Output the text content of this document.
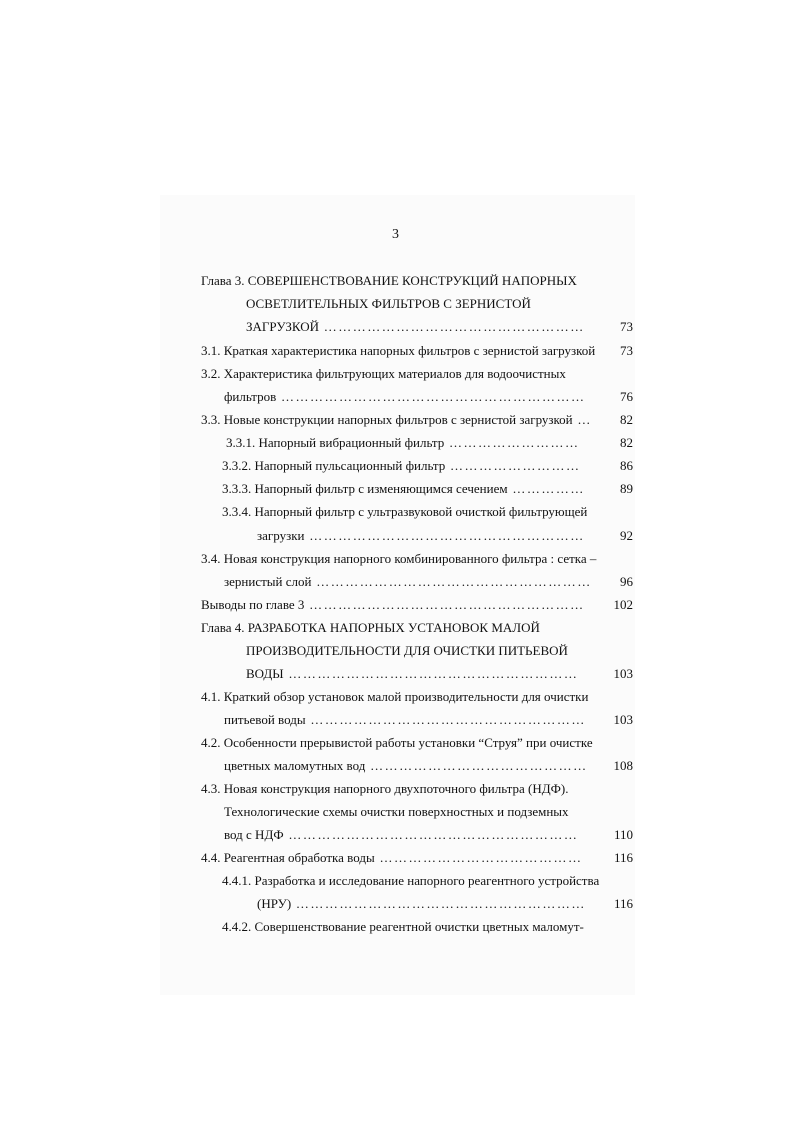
3
Глава 3. СОВЕРШЕНСТВОВАНИЕ КОНСТРУКЦИЙ НАПОРНЫХ
ОСВЕТЛИТЕЛЬНЫХ ФИЛЬТРОВ С ЗЕРНИСТОЙ
ЗАГРУЗКОЙ ………………………………………………	73
3.1. Краткая характеристика напорных фильтров с зернистой загрузкой	73
3.2. Характеристика фильтрующих материалов для водоочистных
фильтров ………………………………………………………	76
3.3. Новые конструкции напорных фильтров с зернистой загрузкой …	82
3.3.1. Напорный вибрационный фильтр ………………………	82
3.3.2. Напорный пульсационный фильтр ………………………	86
3.3.3. Напорный фильтр с изменяющимся сечением ……………	89
3.3.4. Напорный фильтр с ультразвуковой очисткой фильтрующей
загрузки …………………………………………………	92
3.4. Новая конструкция напорного комбинированного фильтра : сетка –
зернистый слой …………………………………………………	96
Выводы по главе 3 …………………………………………………	102
Глава 4. РАЗРАБОТКА НАПОРНЫХ УСТАНОВОК МАЛОЙ
ПРОИЗВОДИТЕЛЬНОСТИ ДЛЯ ОЧИСТКИ ПИТЬЕВОЙ
ВОДЫ ……………………………………………………	103
4.1. Краткий обзор установок малой производительности для очистки
питьевой воды …………………………………………………	103
4.2. Особенности прерывистой работы установки “Струя” при очистке
цветных маломутных вод ………………………………………	108
4.3. Новая конструкция напорного двухпоточного фильтра (НДФ).
Технологические схемы очистки поверхностных и подземных
вод с НДФ ……………………………………………………	110
4.4. Реагентная обработка воды ……………………………………	116
4.4.1. Разработка и исследование напорного реагентного устройства
(НРУ) ……………………………………………………	116
4.4.2. Совершенствование реагентной очистки цветных маломут-
